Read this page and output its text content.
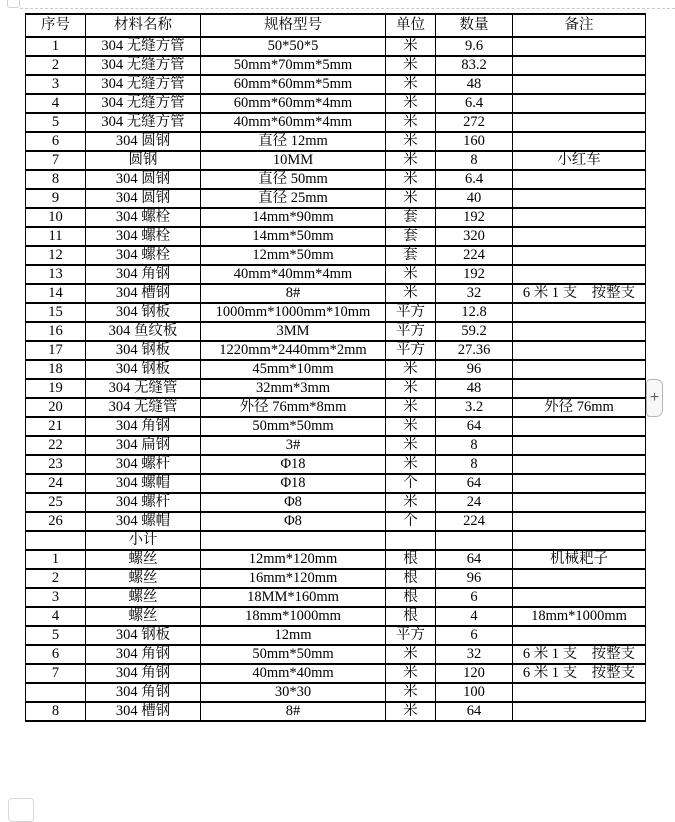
序号	材料名称	规格型号	单位	数量	备注
1	304 无缝方管	50*50*5	米	9.6	
2	304 无缝方管	50mm*70mm*5mm	米	83.2	
3	304 无缝方管	60mm*60mm*5mm	米	48	
4	304 无缝方管	60mm*60mm*4mm	米	6.4	
5	304 无缝方管	40mm*60mm*4mm	米	272	
6	304 圆钢	直径 12mm	米	160	
7	圆钢	10MM	米	8	小红车
8	304 圆钢	直径 50mm	米	6.4	
9	304 圆钢	直径 25mm	米	40	
10	304 螺栓	14mm*90mm	套	192	
11	304 螺栓	14mm*50mm	套	320	
12	304 螺栓	12mm*50mm	套	224	
13	304 角钢	40mm*40mm*4mm	米	192	
14	304 槽钢	8#	米	32	6 米 1 支　按整支
15	304 钢板	1000mm*1000mm*10mm	平方	12.8	
16	304 鱼纹板	3MM	平方	59.2	
17	304 钢板	1220mm*2440mm*2mm	平方	27.36	
18	304 钢板	45mm*10mm	米	96	
19	304 无缝管	32mm*3mm	米	48	
20	304 无缝管	外径 76mm*8mm	米	3.2	外径 76mm
21	304 角钢	50mm*50mm	米	64	
22	304 扁钢	3#	米	8	
23	304 螺杆	Φ18	米	8	
24	304 螺帽	Φ18	个	64	
25	304 螺杆	Φ8	米	24	
26	304 螺帽	Φ8	个	224	
	小计				
1	螺丝	12mm*120mm	根	64	机械耙子
2	螺丝	16mm*120mm	根	96	
3	螺丝	18MM*160mm	根	6	
4	螺丝	18mm*1000mm	根	4	18mm*1000mm
5	304 钢板	12mm	平方	6	
6	304 角钢	50mm*50mm	米	32	6 米 1 支　按整支
7	304 角钢	40mm*40mm	米	120	6 米 1 支　按整支
	304 角钢	30*30	米	100	
8	304 槽钢	8#	米	64	
+
